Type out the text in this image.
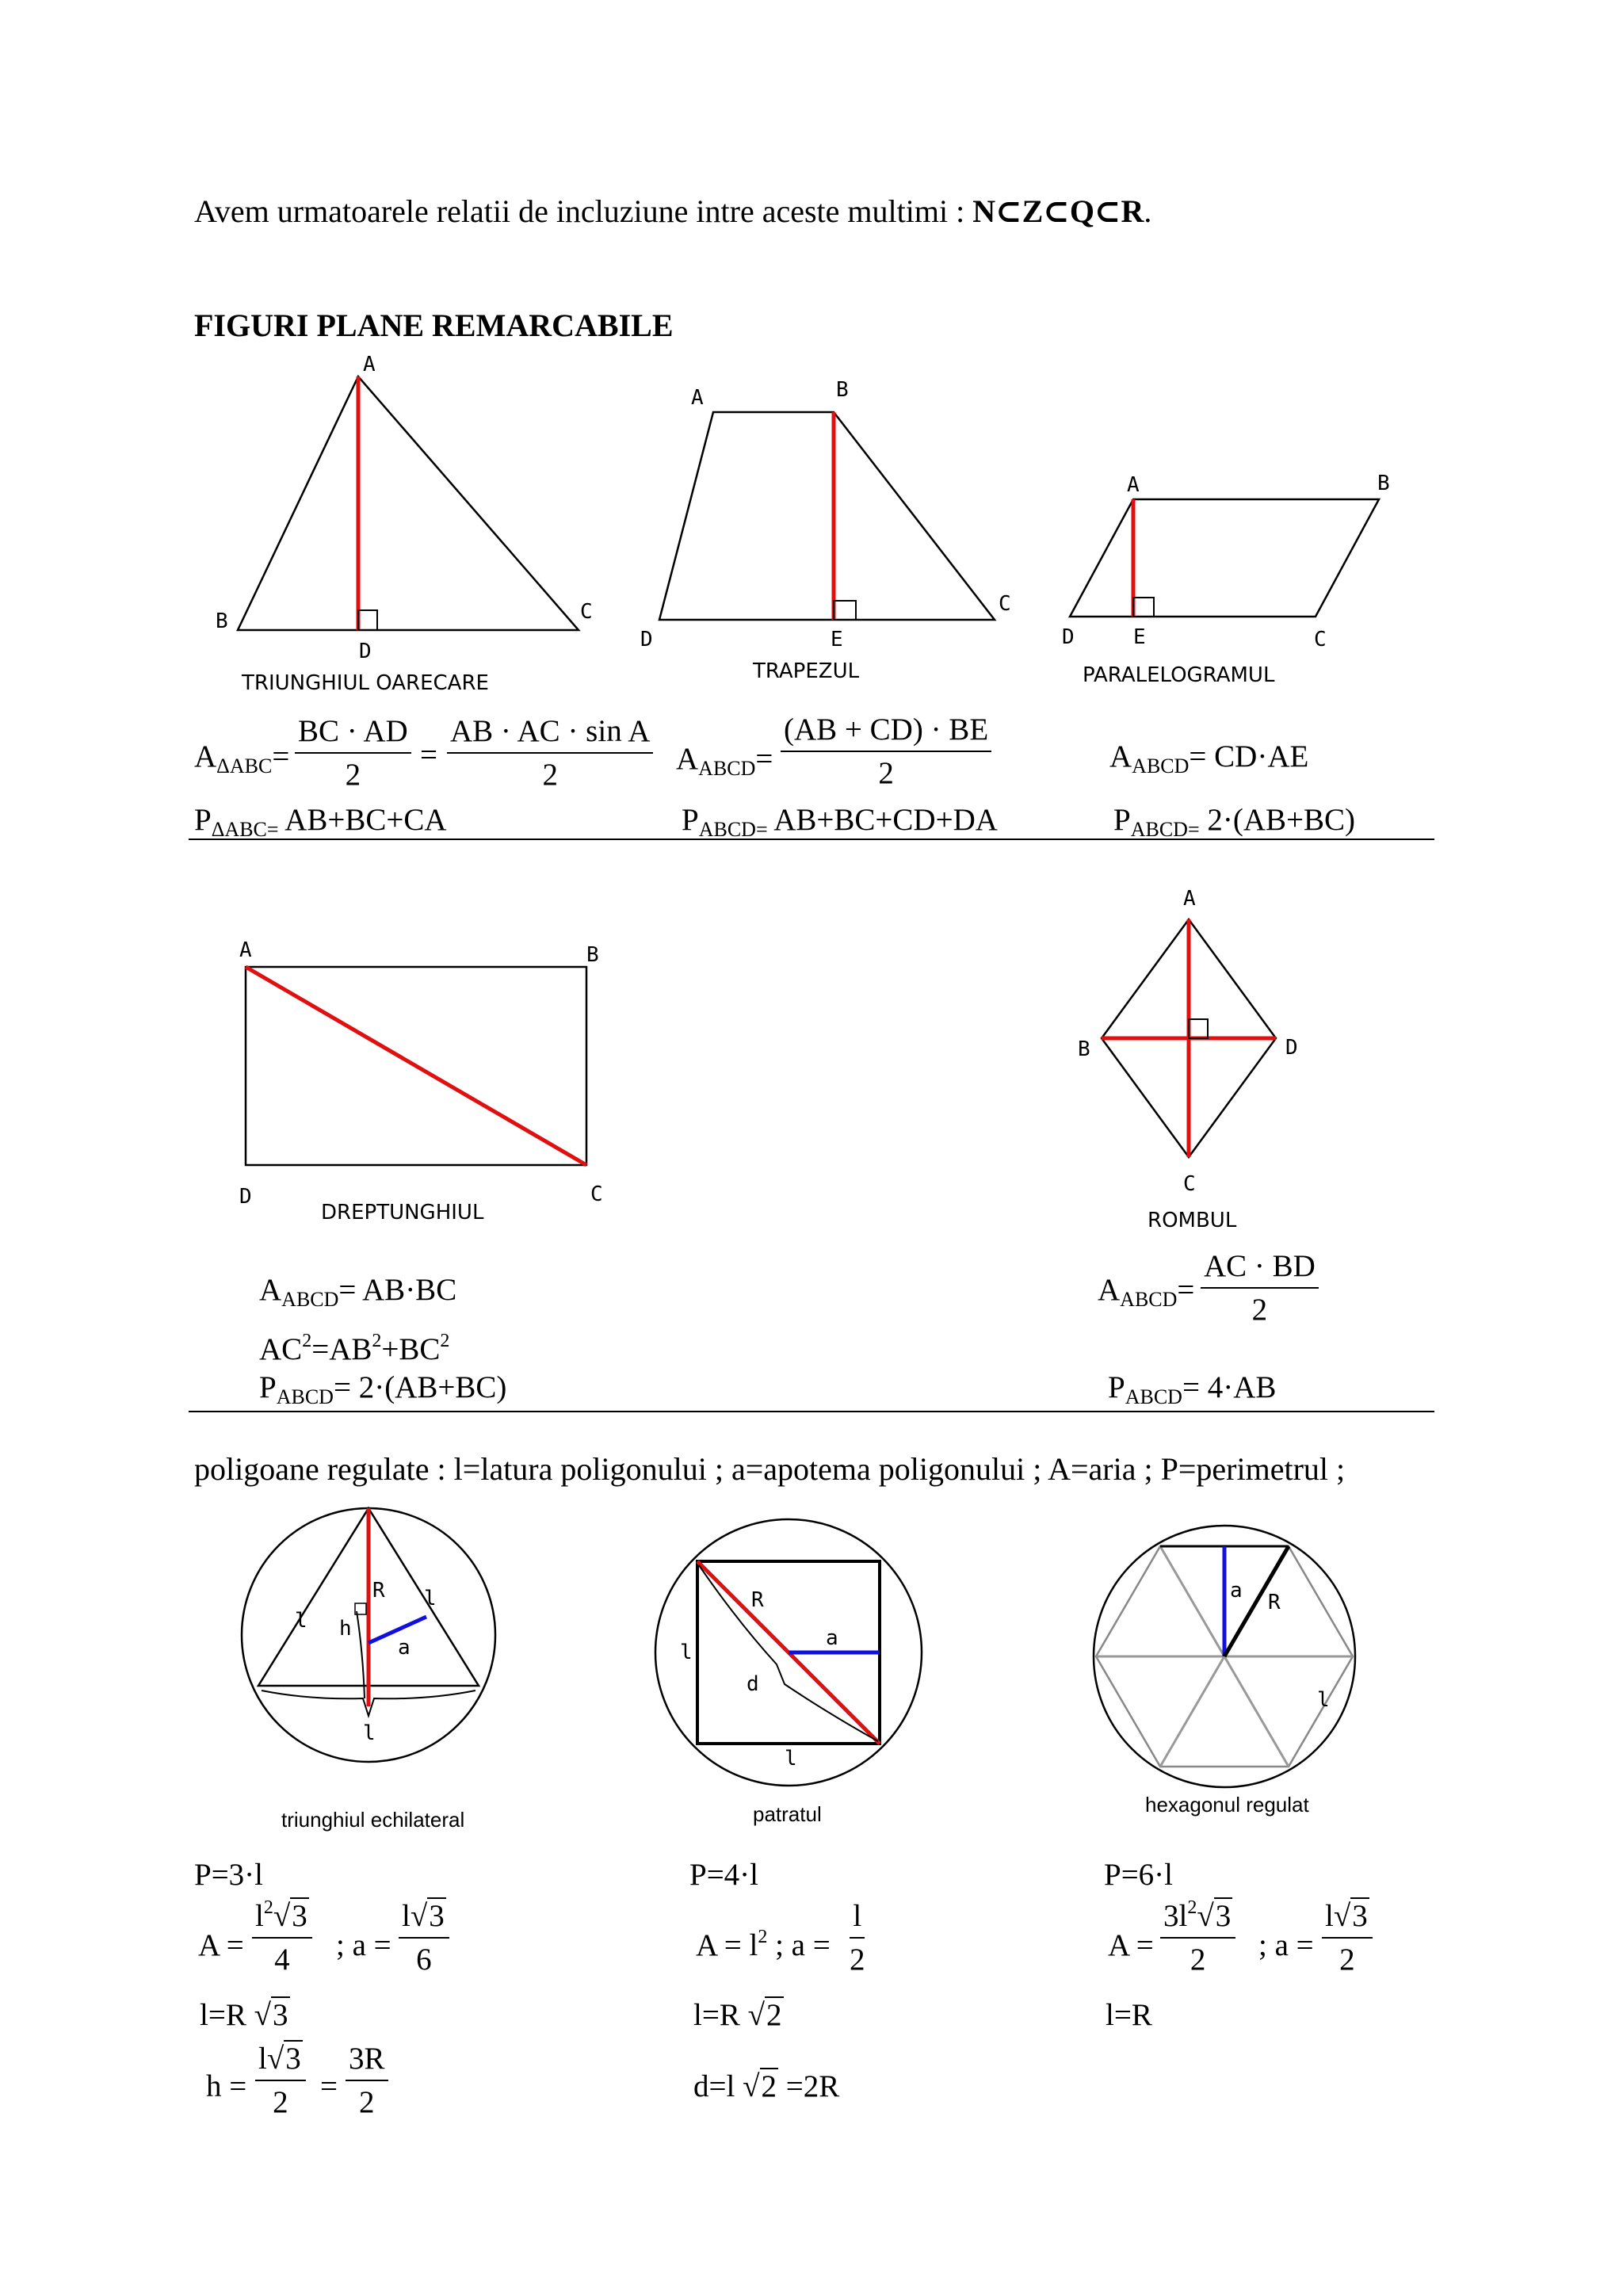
Avem urmatoarele relatii de incluziune intre aceste multimi : N⊂Z⊂Q⊂R.
FIGURI PLANE REMARCABILE
A
B	C
D
TRIUNGHIUL OARECARE
A	B
C
D	E
TRAPEZUL
A	B
C
D	E
PARALELOGRAMUL
$A_{\Delta ABC}= \frac{BC \cdot AD}{2} = \frac{\text{AB · AC · sin A}}{2}$
$P_{\Delta ABC=}$ AB+BC+CA
$A_{ABCD}= \frac{(AB + CD) \cdot BE}{2}$
$P_{ABCD=}$ AB+BC+CD+DA
$A_{ABCD}= CD\cdot AE$
$P_{ABCD=}$ 2·(AB+BC)
A	B
C
D
DREPTUNGHIUL
A
B
C
D
ROMBUL
$A_{ABCD}= AB\cdot BC$
$AC^2=AB^2+BC^2$
$P_{ABCD}= 2\cdot(AB+BC)$
$A_{ABCD}= \frac{AC \cdot BD}{2}$
$P_{ABCD}= 4\cdot AB$
poligoane regulate : l=latura poligonului ; a=apotema poligonului ; A=aria ; P=perimetrul ;
R
l
l
h
a
l
triunghiul echilateral
R
l
a
d
l
patratul
a R
l
hexagonul regulat
P=3·l
$A = \frac{l^2√3}{4}$ ; $a = \frac{l√3}{6}$
l=R √3
$h = \frac{l√3}{2} = \frac{3R}{2}$
P=4·l
$A = l^2$ ; $a = \frac{l}{2}$
l=R √2
d=l √2 =2R
P=6·l
$A = \frac{3l^2√3}{2}$ ; $a = \frac{l√3}{2}$
l=R
